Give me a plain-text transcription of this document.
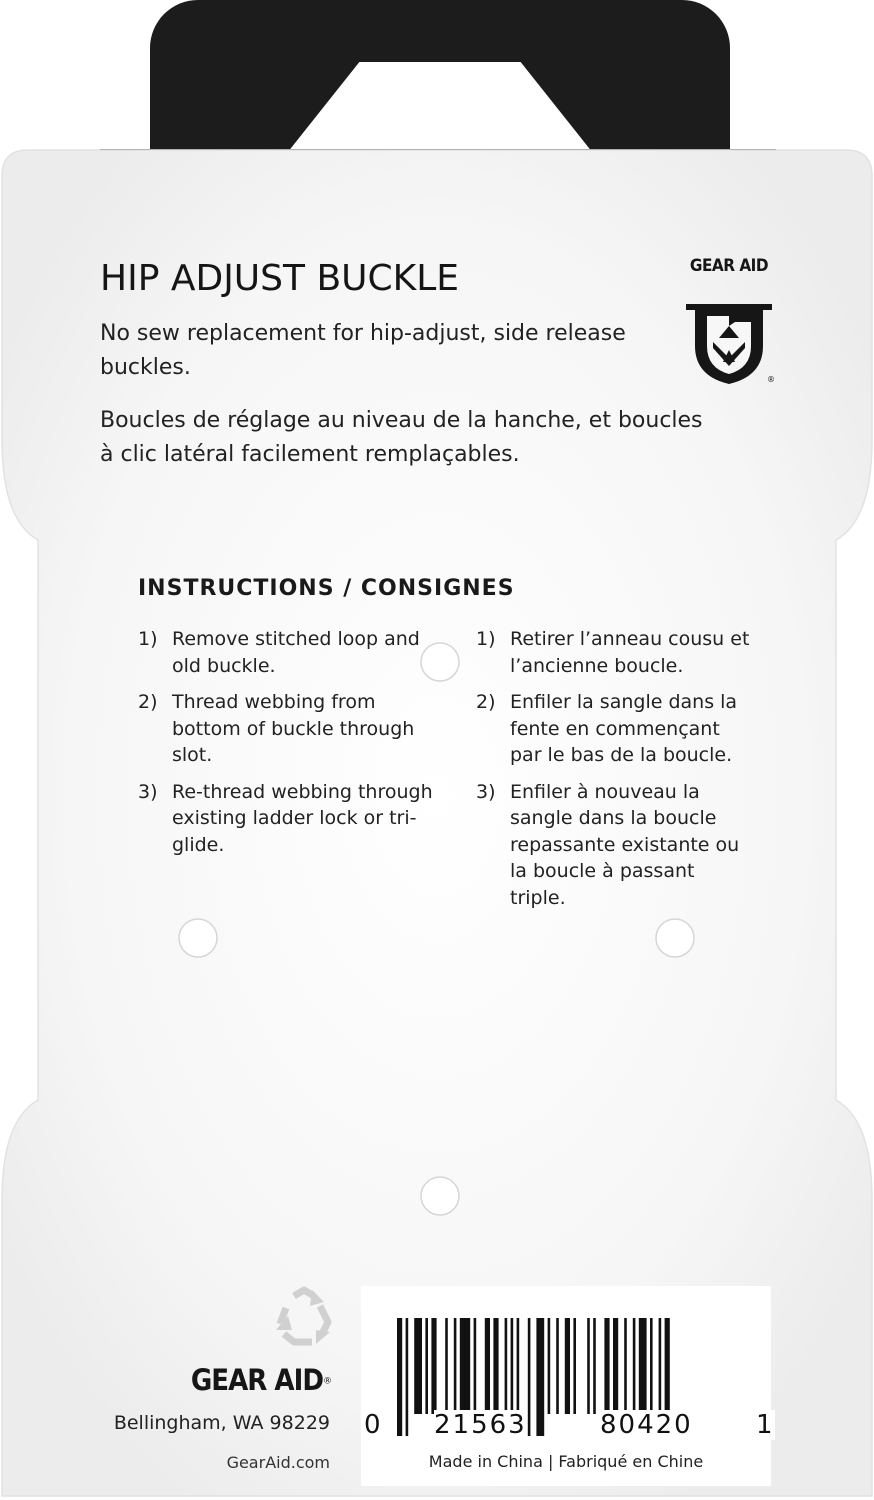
HIP ADJUST BUCKLE
No sew replacement for hip-adjust, side release buckles.
Boucles de réglage au niveau de la hanche, et boucles à clic latéral facilement remplaçables.
GEAR AID
®
INSTRUCTIONS / CONSIGNES
1) Remove stitched loop and old buckle.
2) Thread webbing from bottom of buckle through slot.
3) Re-thread webbing through existing ladder lock or tri-glide.
1) Retirer l’anneau cousu et l’ancienne boucle.
2) Enfiler la sangle dans la fente en commençant par le bas de la boucle.
3) Enfiler à nouveau la sangle dans la boucle repassante existante ou la boucle à passant triple.
GEAR AID®
Bellingham, WA 98229
GearAid.com
0 21563	80420 1
Made in China | Fabriqué en Chine
